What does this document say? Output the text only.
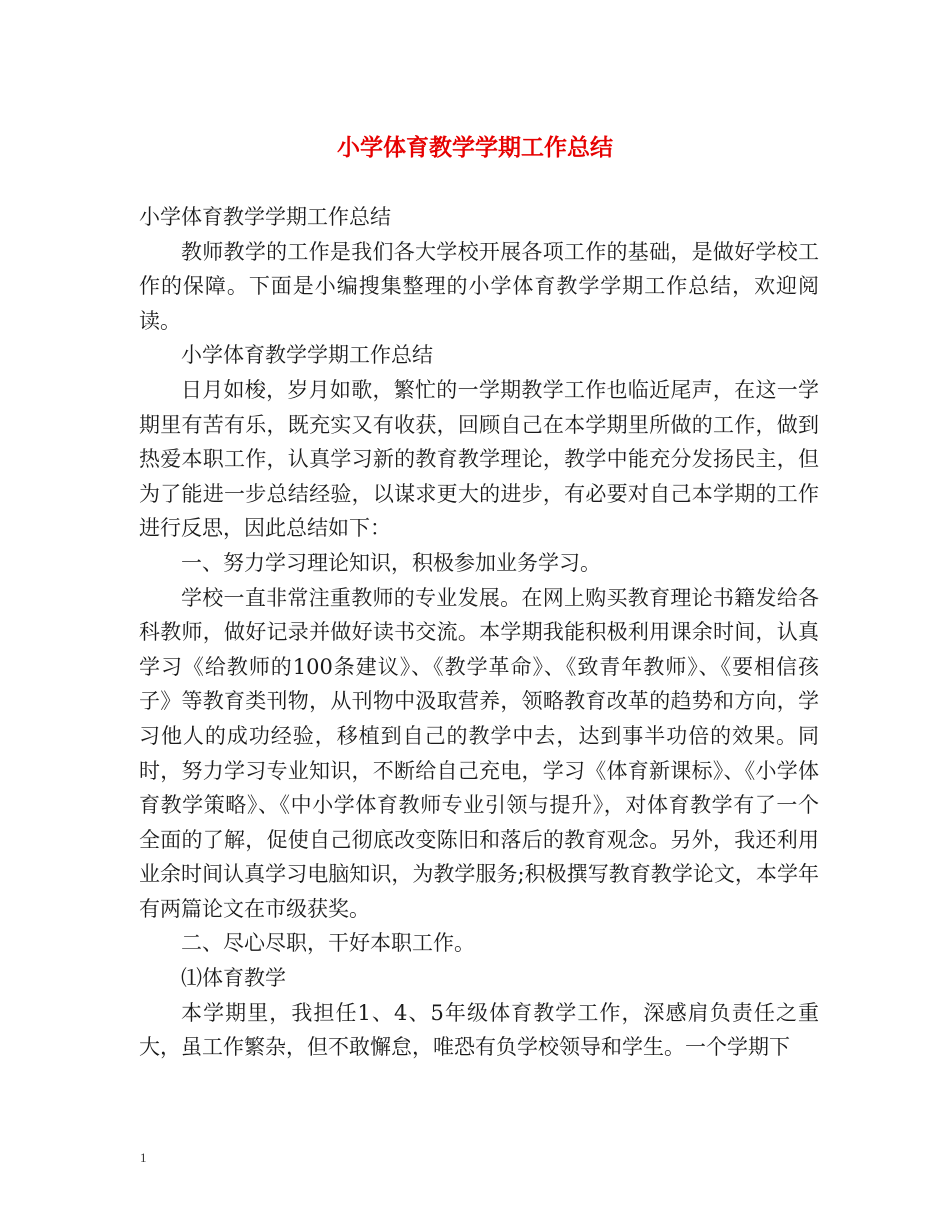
小学体育教学学期工作总结

小学体育教学学期工作总结

教师教学的工作是我们各大学校开展各项工作的基础，是做好学校工作的保障。下面是小编搜集整理的小学体育教学学期工作总结，欢迎阅读。

小学体育教学学期工作总结

日月如梭，岁月如歌，繁忙的一学期教学工作也临近尾声，在这一学期里有苦有乐，既充实又有收获，回顾自己在本学期里所做的工作，做到热爱本职工作，认真学习新的教育教学理论，教学中能充分发扬民主，但为了能进一步总结经验，以谋求更大的进步，有必要对自己本学期的工作进行反思，因此总结如下：

一、努力学习理论知识，积极参加业务学习。

学校一直非常注重教师的专业发展。在网上购买教育理论书籍发给各科教师，做好记录并做好读书交流。本学期我能积极利用课余时间，认真学习《给教师的100条建议》、《教学革命》、《致青年教师》、《要相信孩子》等教育类刊物，从刊物中汲取营养，领略教育改革的趋势和方向，学习他人的成功经验，移植到自己的教学中去，达到事半功倍的效果。同时，努力学习专业知识，不断给自己充电，学习《体育新课标》、《小学体育教学策略》、《中小学体育教师专业引领与提升》，对体育教学有了一个全面的了解，促使自己彻底改变陈旧和落后的教育观念。另外，我还利用业余时间认真学习电脑知识，为教学服务;积极撰写教育教学论文，本学年有两篇论文在市级获奖。

二、尽心尽职，干好本职工作。

⑴体育教学

本学期里，我担任1、4、5年级体育教学工作，深感肩负责任之重大，虽工作繁杂，但不敢懈怠，唯恐有负学校领导和学生。一个学期下

1
